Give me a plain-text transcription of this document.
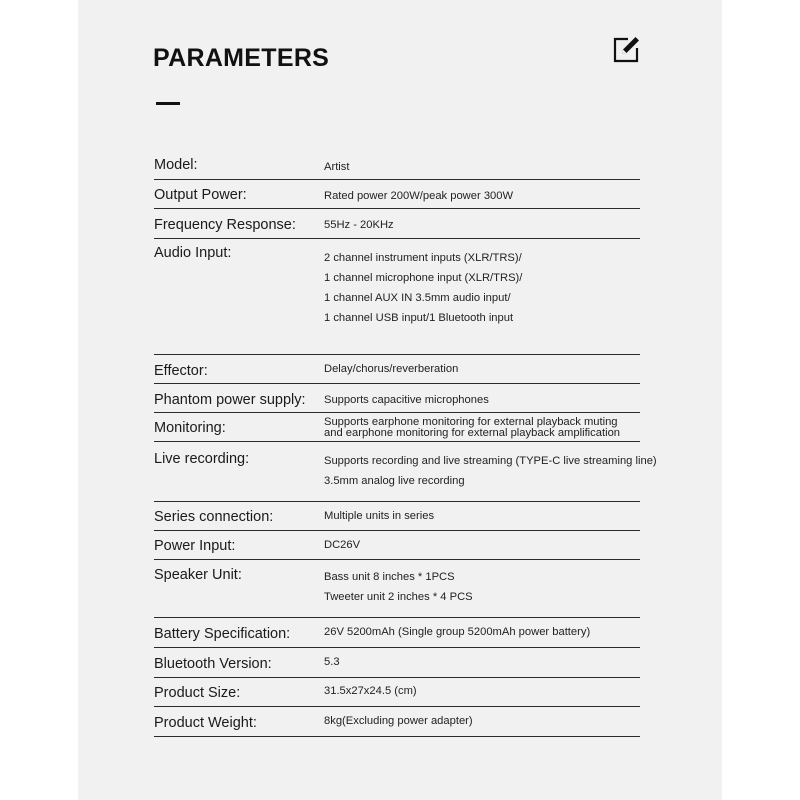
PARAMETERS
Model:	Artist
Output Power:	Rated power 200W/peak power 300W
Frequency Response:	55Hz - 20KHz
Audio Input:	2 channel instrument inputs (XLR/TRS)/
1 channel microphone input (XLR/TRS)/
1 channel AUX IN 3.5mm audio input/
1 channel USB input/1 Bluetooth input
Effector:	Delay/chorus/reverberation
Phantom power supply: Supports capacitive microphones
Monitoring:	Supports earphone monitoring for external playback muting
and earphone monitoring for external playback amplification
Live recording:	Supports recording and live streaming (TYPE-C live streaming line)
3.5mm analog live recording
Series connection:	Multiple units in series
Power Input:	DC26V
Speaker Unit:	Bass unit 8 inches * 1PCS
Tweeter unit 2 inches * 4 PCS
Battery Specification:	26V 5200mAh (Single group 5200mAh power battery)
Bluetooth Version:	5.3
Product Size:	31.5x27x24.5 (cm)
Product Weight:	8kg(Excluding power adapter)
